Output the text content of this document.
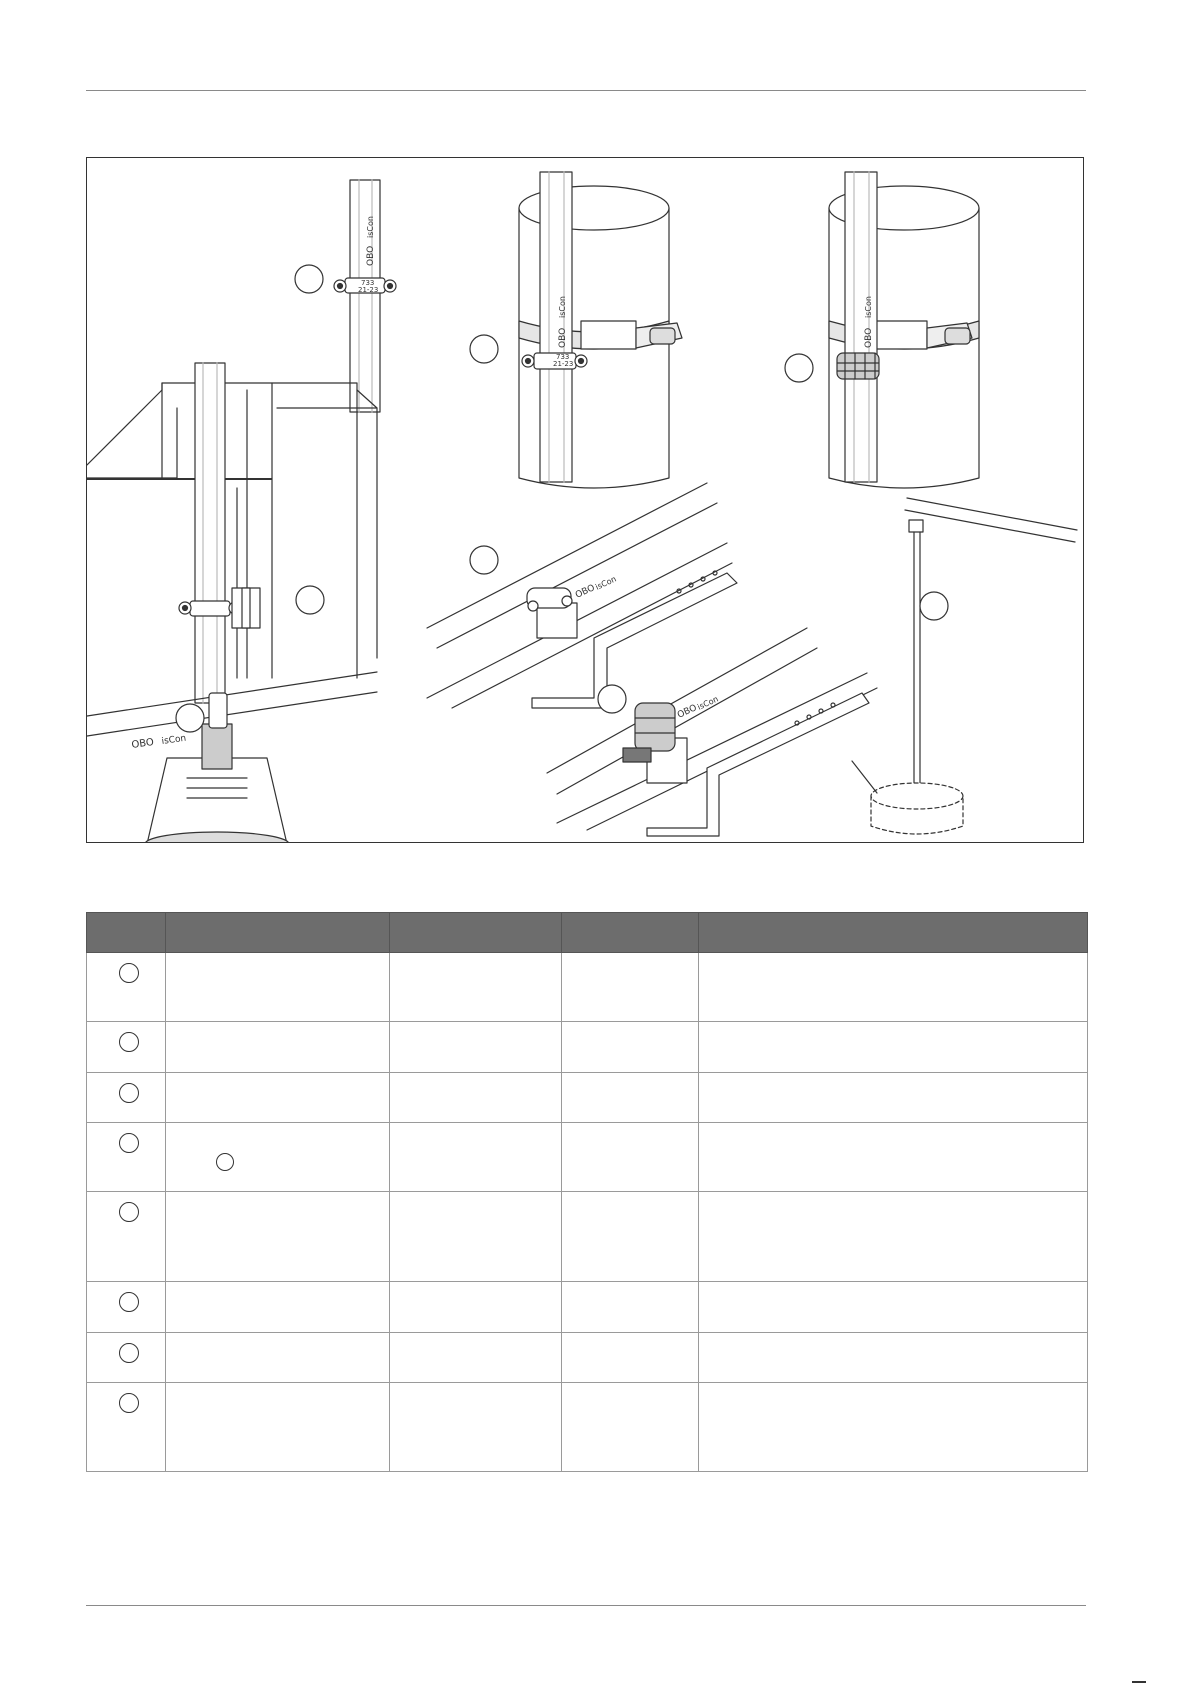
733
21-23
OBO
isCon
OBO isCon
733
21-23
OBO
isCon
OBO
isCon
OBO
isCon
OBO
isCon
